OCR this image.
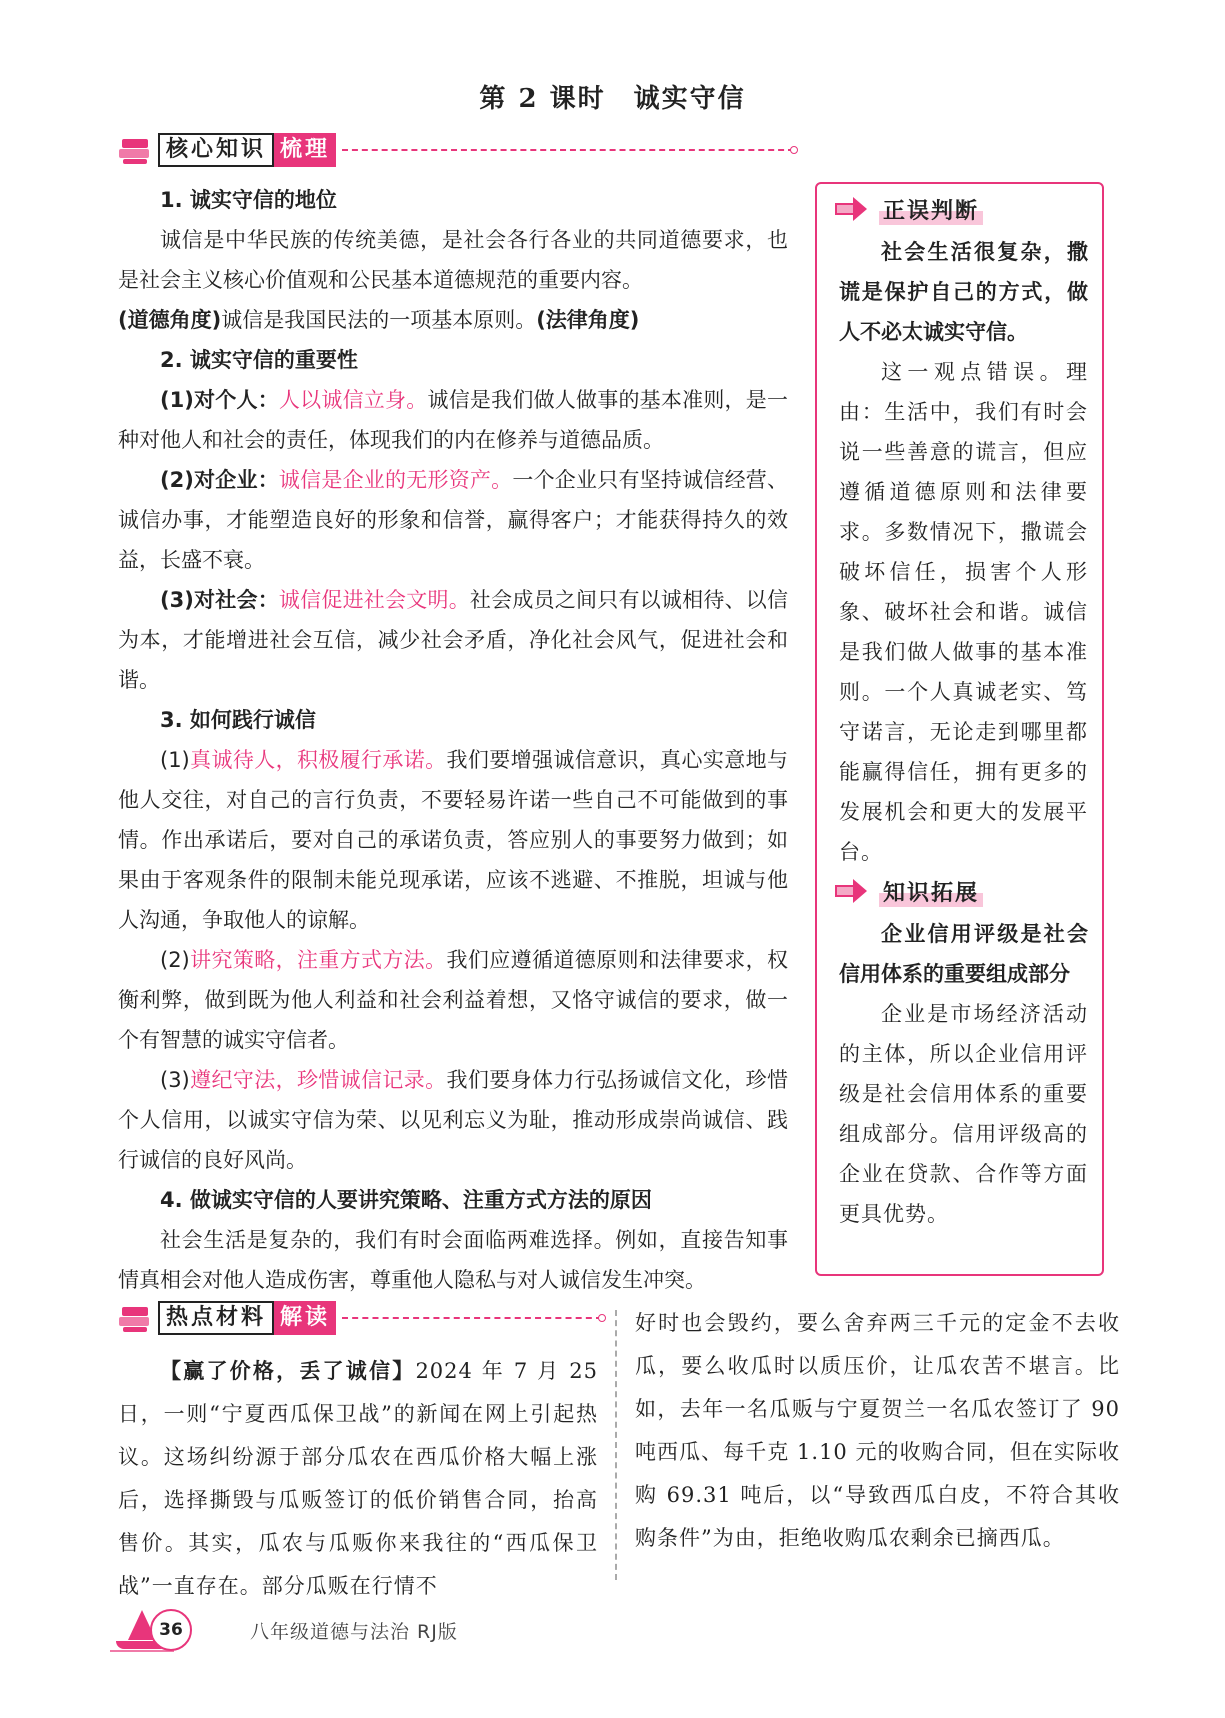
第 2 课时 诚实守信
核心知识 梳理

1. 诚实守信的地位

诚信是中华民族的传统美德，是社会各行各业的共同道德要求，也是社会主义核心价值观和公民基本道德规范的重要内容。

(道德角度)诚信是我国民法的一项基本原则。(法律角度)

2. 诚实守信的重要性

(1)对个人：人以诚信立身。诚信是我们做人做事的基本准则，是一种对他人和社会的责任，体现我们的内在修养与道德品质。

(2)对企业：诚信是企业的无形资产。一个企业只有坚持诚信经营、诚信办事，才能塑造良好的形象和信誉，赢得客户；才能获得持久的效益，长盛不衰。

(3)对社会：诚信促进社会文明。社会成员之间只有以诚相待、以信为本，才能增进社会互信，减少社会矛盾，净化社会风气，促进社会和谐。

3. 如何践行诚信

(1)真诚待人，积极履行承诺。我们要增强诚信意识，真心实意地与他人交往，对自己的言行负责，不要轻易许诺一些自己不可能做到的事情。作出承诺后，要对自己的承诺负责，答应别人的事要努力做到；如果由于客观条件的限制未能兑现承诺，应该不逃避、不推脱，坦诚与他人沟通，争取他人的谅解。

(2)讲究策略，注重方式方法。我们应遵循道德原则和法律要求，权衡利弊，做到既为他人利益和社会利益着想，又恪守诚信的要求，做一个有智慧的诚实守信者。

(3)遵纪守法，珍惜诚信记录。我们要身体力行弘扬诚信文化，珍惜个人信用，以诚实守信为荣、以见利忘义为耻，推动形成崇尚诚信、践行诚信的良好风尚。

4. 做诚实守信的人要讲究策略、注重方式方法的原因

社会生活是复杂的，我们有时会面临两难选择。例如，直接告知事情真相会对他人造成伤害，尊重他人隐私与对人诚信发生冲突。

正误判断

社会生活很复杂，撒谎是保护自己的方式，做人不必太诚实守信。

这一观点错误。理由：生活中，我们有时会说一些善意的谎言，但应遵循道德原则和法律要求。多数情况下，撒谎会破坏信任，损害个人形象、破坏社会和谐。诚信是我们做人做事的基本准则。一个人真诚老实、笃守诺言，无论走到哪里都能赢得信任，拥有更多的发展机会和更大的发展平台。

知识拓展

企业信用评级是社会信用体系的重要组成部分

企业是市场经济活动的主体，所以企业信用评级是社会信用体系的重要组成部分。信用评级高的企业在贷款、合作等方面更具优势。

热点材料 解读

【赢了价格，丢了诚信】2024 年 7 月 25 日，一则“宁夏西瓜保卫战”的新闻在网上引起热议。这场纠纷源于部分瓜农在西瓜价格大幅上涨后，选择撕毁与瓜贩签订的低价销售合同，抬高售价。其实，瓜农与瓜贩你来我往的“西瓜保卫战”一直存在。部分瓜贩在行情不

好时也会毁约，要么舍弃两三千元的定金不去收瓜，要么收瓜时以质压价，让瓜农苦不堪言。比如，去年一名瓜贩与宁夏贺兰一名瓜农签订了 90 吨西瓜、每千克 1.10 元的收购合同，但在实际收购 69.31 吨后，以“导致西瓜白皮，不符合其收购条件”为由，拒绝收购瓜农剩余已摘西瓜。

36	八年级道德与法治 RJ版
